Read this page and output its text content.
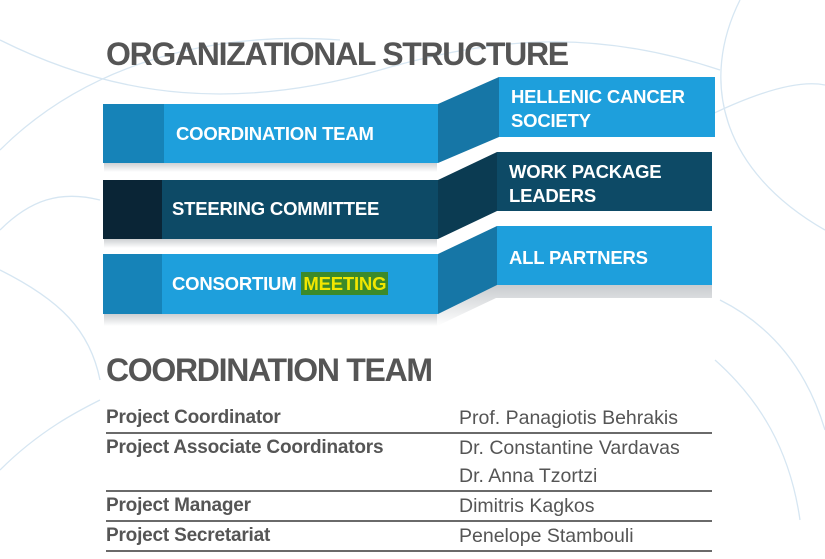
ORGANIZATIONAL STRUCTURE
COORDINATION TEAM
STEERING COMMITTEE
CONSORTIUM MEETING
HELLENIC CANCER
SOCIETY
WORK PACKAGE
LEADERS
ALL PARTNERS
COORDINATION TEAM
Project Coordinator	Prof. Panagiotis Behrakis
Project Associate Coordinators	Dr. Constantine Vardavas
	Dr. Anna Tzortzi
Project Manager	Dimitris Kagkos
Project Secretariat	Penelope Stambouli
